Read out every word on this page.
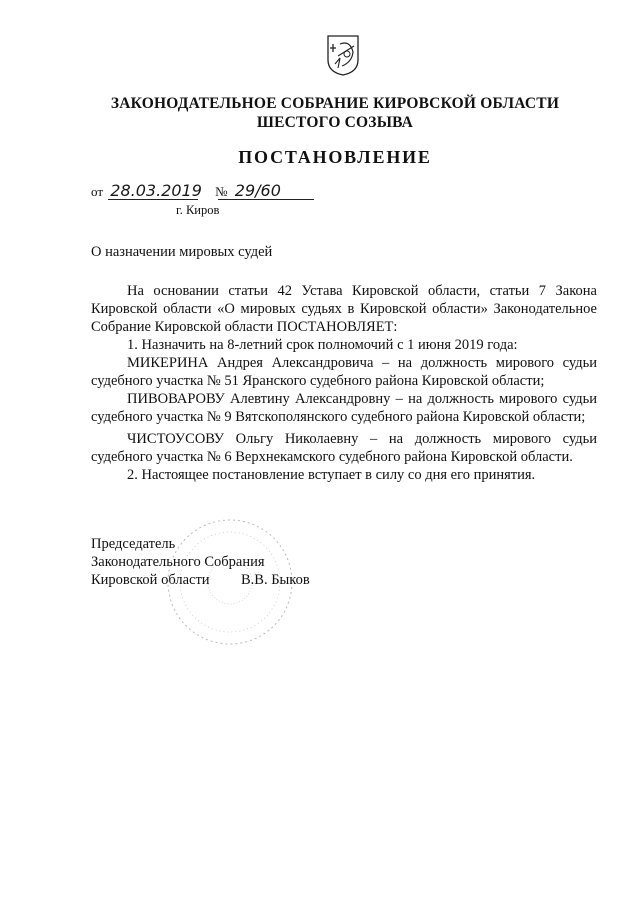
ЗАКОНОДАТЕЛЬНОЕ СОБРАНИЕ КИРОВСКОЙ ОБЛАСТИ
ШЕСТОГО СОЗЫВА
ПОСТАНОВЛЕНИЕ
от 28.03.2019 № 29/60
г. Киров
О назначении мировых судей

На основании статьи 42 Устава Кировской области, статьи 7 Закона Кировской области «О мировых судьях в Кировской области» Законодательное Собрание Кировской области ПОСТАНОВЛЯЕТ:

1. Назначить на 8-летний срок полномочий с 1 июня 2019 года:

МИКЕРИНА Андрея Александровича – на должность мирового судьи судебного участка № 51 Яранского судебного района Кировской области;

ПИВОВАРОВУ Алевтину Александровну – на должность мирового судьи судебного участка № 9 Вятскополянского судебного района Кировской области;

ЧИСТОУСОВУ Ольгу Николаевну – на должность мирового судьи судебного участка № 6 Верхнекамского судебного района Кировской области.

2. Настоящее постановление вступает в силу со дня его принятия.

Председатель
Законодательного Собрания
Кировской области	В.В. Быков
